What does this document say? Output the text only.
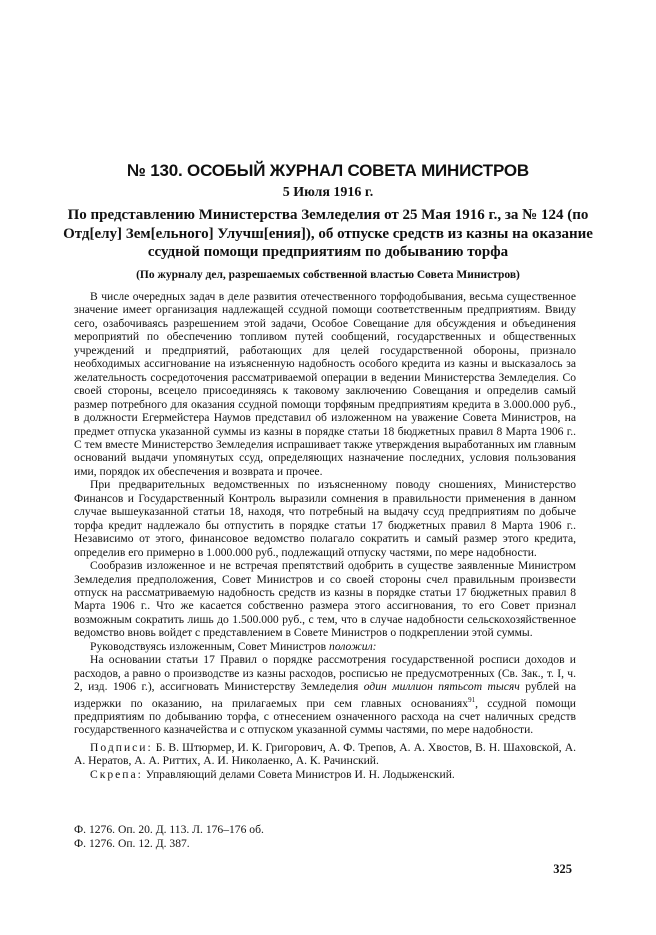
№ 130. ОСОБЫЙ ЖУРНАЛ СОВЕТА МИНИСТРОВ
5 Июля 1916 г.
По представлению Министерства Земледелия от 25 Мая 1916 г., за № 124 (по Отд[елу] Зем[ельного] Улучш[ения]), об отпуске средств из казны на оказание ссудной помощи предприятиям по добыванию торфа
(По журналу дел, разрешаемых собственной властью Совета Министров)

В числе очередных задач в деле развития отечественного торфодобывания, весьма существенное значение имеет организация надлежащей ссудной помощи соответственным предприятиям. Ввиду сего, озабочиваясь разрешением этой задачи, Особое Совещание для обсуждения и объединения мероприятий по обеспечению топливом путей сообщений, государственных и общественных учреждений и предприятий, работающих для целей государственной обороны, признало необходимых ассигнование на изъясненную надобность особого кредита из казны и высказалось за желательность сосредоточения рассматриваемой операции в ведении Министерства Земледелия. Со своей стороны, всецело присоединяясь к таковому заключению Совещания и определив самый размер потребного для оказания ссудной помощи торфяным предприятиям кредита в 3.000.000 руб., в должности Егермейстера Наумов представил об изложенном на уважение Совета Министров, на предмет отпуска указанной суммы из казны в порядке статьи 18 бюджетных правил 8 Марта 1906 г.. С тем вместе Министерство Земледелия испрашивает также утверждения выработанных им главным оснований выдачи упомянутых ссуд, определяющих назначение последних, условия пользования ими, порядок их обеспечения и возврата и прочее.

При предварительных ведомственных по изъясненному поводу сношениях, Министерство Финансов и Государственный Контроль выразили сомнения в правильности применения в данном случае вышеуказанной статьи 18, находя, что потребный на выдачу ссуд предприятиям по добыче торфа кредит надлежало бы отпустить в порядке статьи 17 бюджетных правил 8 Марта 1906 г.. Независимо от этого, финансовое ведомство полагало сократить и самый размер этого кредита, определив его примерно в 1.000.000 руб., подлежащий отпуску частями, по мере надобности.

Сообразив изложенное и не встречая препятствий одобрить в существе заявленные Министром Земледелия предположения, Совет Министров и со своей стороны счел правильным произвести отпуск на рассматриваемую надобность средств из казны в порядке статьи 17 бюджетных правил 8 Марта 1906 г.. Что же касается собственно размера этого ассигнования, то его Совет признал возможным сократить лишь до 1.500.000 руб., с тем, что в случае надобности сельскохозяйственное ведомство вновь войдет с представлением в Совете Министров о подкреплении этой суммы.

Руководствуясь изложенным, Совет Министров положил:

На основании статьи 17 Правил о порядке рассмотрения государственной росписи доходов и расходов, а равно о производстве из казны расходов, росписью не предусмотренных (Св. Зак., т. I, ч. 2, изд. 1906 г.), ассигновать Министерству Земледелия один миллион пятьсот тысяч рублей на издержки по оказанию, на прилагаемых при сем главных основаниях$^{91}$, ссудной помощи предприятиям по добыванию торфа, с отнесением означенного расхода на счет наличных средств государственного казначейства и с отпуском указанной суммы частями, по мере надобности.

Подписи: Б. В. Штюрмер, И. К. Григорович, А. Ф. Трепов, А. А. Хвостов, В. Н. Шаховской, А. А. Нератов, А. А. Риттих, А. И. Николаенко, А. К. Рачинский.

Скрепа: Управляющий делами Совета Министров И. Н. Лодыженский.

Ф. 1276. Оп. 20. Д. 113. Л. 176–176 об.
Ф. 1276. Оп. 12. Д. 387.
325
